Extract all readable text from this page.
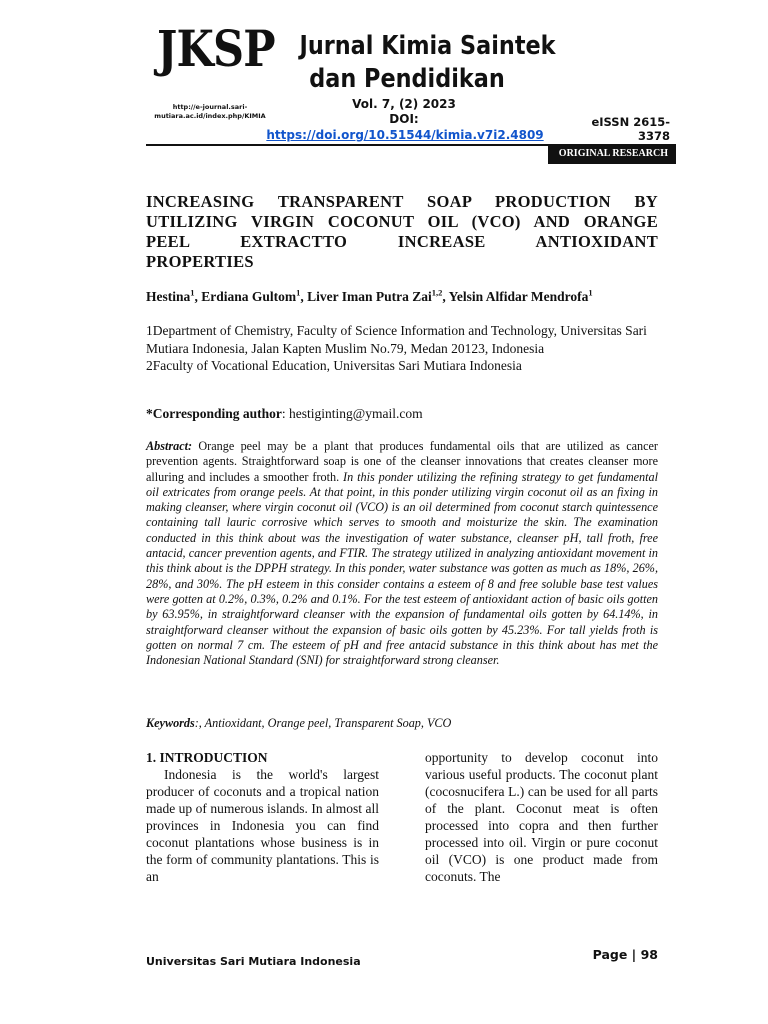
JKSP Jurnal Kimia Saintek
dan Pendidikan
http://e-journal.sari-
mutiara.ac.id/index.php/KIMIA
Vol. 7, (2) 2023
DOI:
https://doi.org/10.51544/kimia.v7i2.4809
eISSN 2615-3378
ORIGINAL RESEARCH
INCREASING TRANSPARENT SOAP PRODUCTION BY
UTILIZING VIRGIN COCONUT OIL (VCO) AND ORANGE
PEEL EXTRACTTO INCREASE ANTIOXIDANT
PROPERTIES
Hestina$^1$, Erdiana Gultom$^1$, Liver Iman Putra Zai$^{1,2}$, Yelsin Alfidar Mendrofa$^1$
1Department of Chemistry, Faculty of Science Information and Technology, Universitas Sari Mutiara Indonesia, Jalan Kapten Muslim No.79, Medan 20123, Indonesia
2Faculty of Vocational Education, Universitas Sari Mutiara Indonesia
*Corresponding author: hestiginting@ymail.com
Abstract: Orange peel may be a plant that produces fundamental oils that are utilized as cancer prevention agents. Straightforward soap is one of the cleanser innovations that creates cleanser more alluring and includes a smoother froth. In this ponder utilizing the refining strategy to get fundamental oil extricates from orange peels. At that point, in this ponder utilizing virgin coconut oil as an fixing in making cleanser, where virgin coconut oil (VCO) is an oil determined from coconut starch quintessence containing tall lauric corrosive which serves to smooth and moisturize the skin. The examination conducted in this think about was the investigation of water substance, cleanser pH, tall froth, free antacid, cancer prevention agents, and FTIR. The strategy utilized in analyzing antioxidant movement in this think about is the DPPH strategy. In this ponder, water substance was gotten as much as 18%, 26%, 28%, and 30%. The pH esteem in this consider contains a esteem of 8 and free soluble base test values were gotten at 0.2%, 0.3%, 0.2% and 0.1%. For the test esteem of antioxidant action of basic oils gotten by 63.95%, in straightforward cleanser with the expansion of fundamental oils gotten by 64.14%, in straightforward cleanser without the expansion of basic oils gotten by 45.23%. For tall yields froth is gotten on normal 7 cm. The esteem of pH and free antacid substance in this think about has met the Indonesian National Standard (SNI) for straightforward strong cleanser.
Keywords:, Antioxidant, Orange peel, Transparent Soap, VCO
1. INTRODUCTION
Indonesia is the world's largest producer of coconuts and a tropical nation made up of numerous islands. In almost all provinces in Indonesia you can find coconut plantations whose business is in the form of community plantations. This is an
opportunity to develop coconut into various useful products. The coconut plant (cocosnucifera L.) can be used for all parts of the plant. Coconut meat is often processed into copra and then further processed into oil. Virgin or pure coconut oil (VCO) is one product made from coconuts. The
Universitas Sari Mutiara Indonesia	Page | 98
